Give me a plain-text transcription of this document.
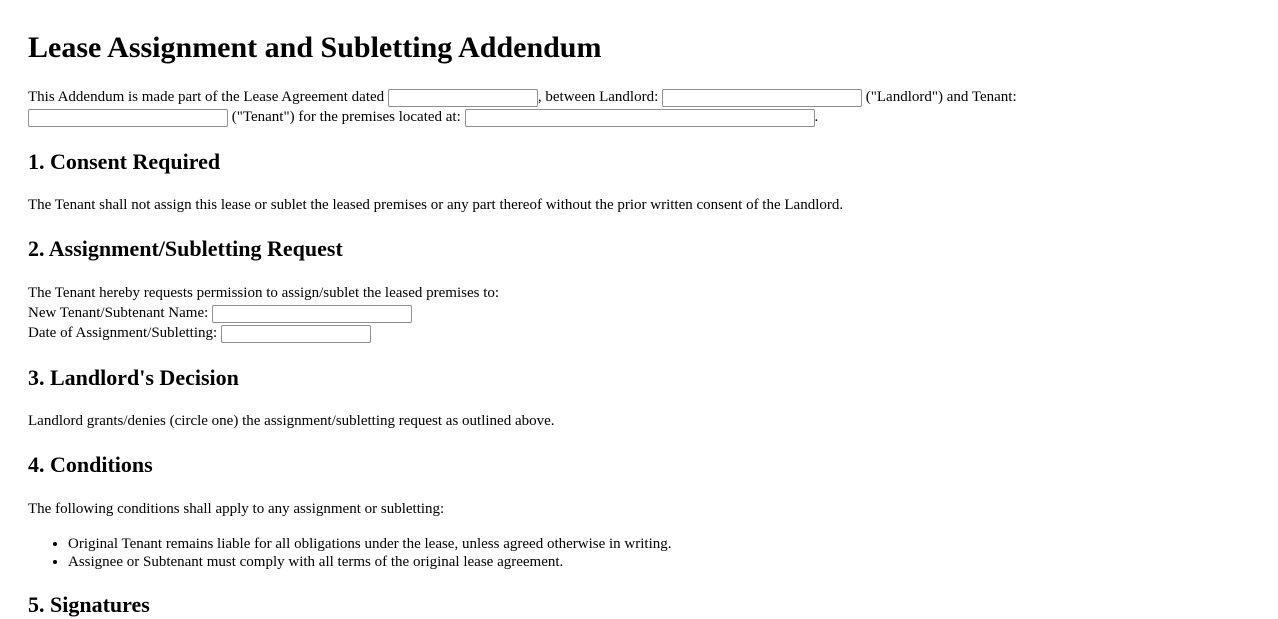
Lease Assignment and Subletting Addendum

This Addendum is made part of the Lease Agreement dated	, between Landlord:	("Landlord") and Tenant:
("Tenant") for the premises located at:	.

1. Consent Required

The Tenant shall not assign this lease or sublet the leased premises or any part thereof without the prior written consent of the Landlord.

2. Assignment/Subletting Request

The Tenant hereby requests permission to assign/sublet the leased premises to:
New Tenant/Subtenant Name:
Date of Assignment/Subletting:

3. Landlord's Decision

Landlord grants/denies (circle one) the assignment/subletting request as outlined above.

4. Conditions

The following conditions shall apply to any assignment or subletting:

• Original Tenant remains liable for all obligations under the lease, unless agreed otherwise in writing.
• Assignee or Subtenant must comply with all terms of the original lease agreement.
5. Signatures
